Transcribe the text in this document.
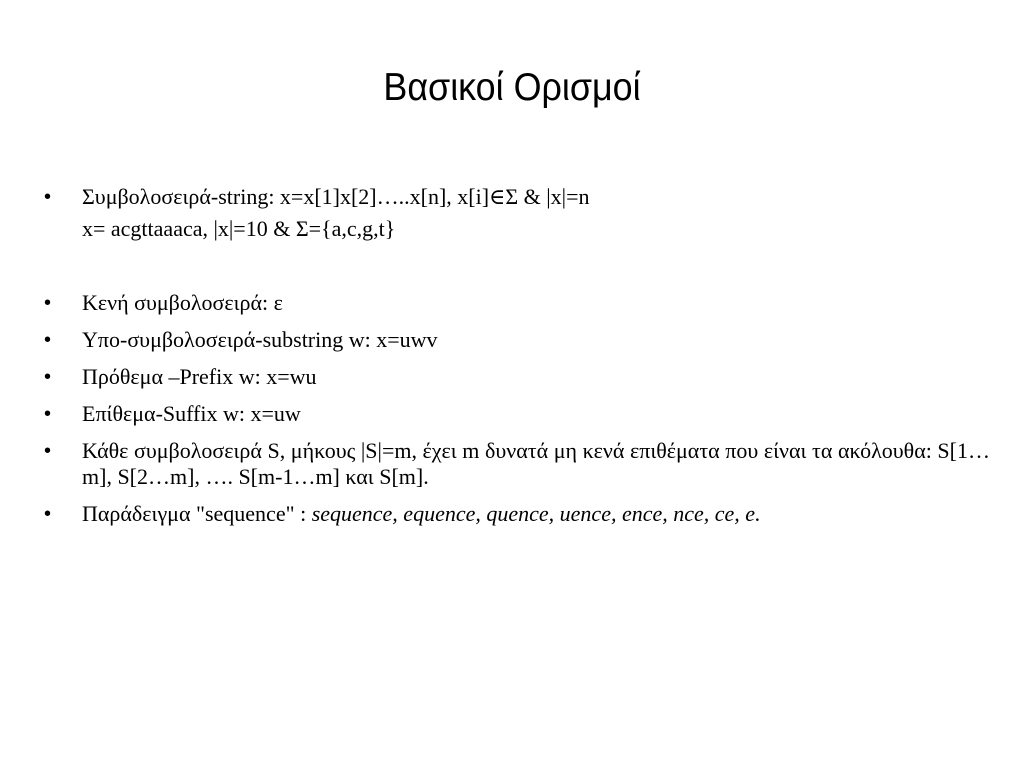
Βασικοί Ορισμοί
•	Συμβολοσειρά-string: x=x[1]x[2]…..x[n], x[i]∈Σ & |x|=n
x= acgttaaaca, |x|=10 & Σ={a,c,g,t}
•	Κενή συμβολοσειρά: ε
•	Υπο-συμβολοσειρά-substring w: x=uwv
•	Πρόθεμα –Prefix w: x=wu
•	Επίθεμα-Suffix w: x=uw
•	Κάθε συμβολοσειρά S, μήκους |S|=m, έχει m δυνατά μη κενά επιθέματα που είναι τα ακόλουθα: S[1…m], S[2…m], …. S[m-1…m] και S[m].
•	Παράδειγμα "sequence" : sequence, equence, quence, uence, ence, nce, ce, e.
